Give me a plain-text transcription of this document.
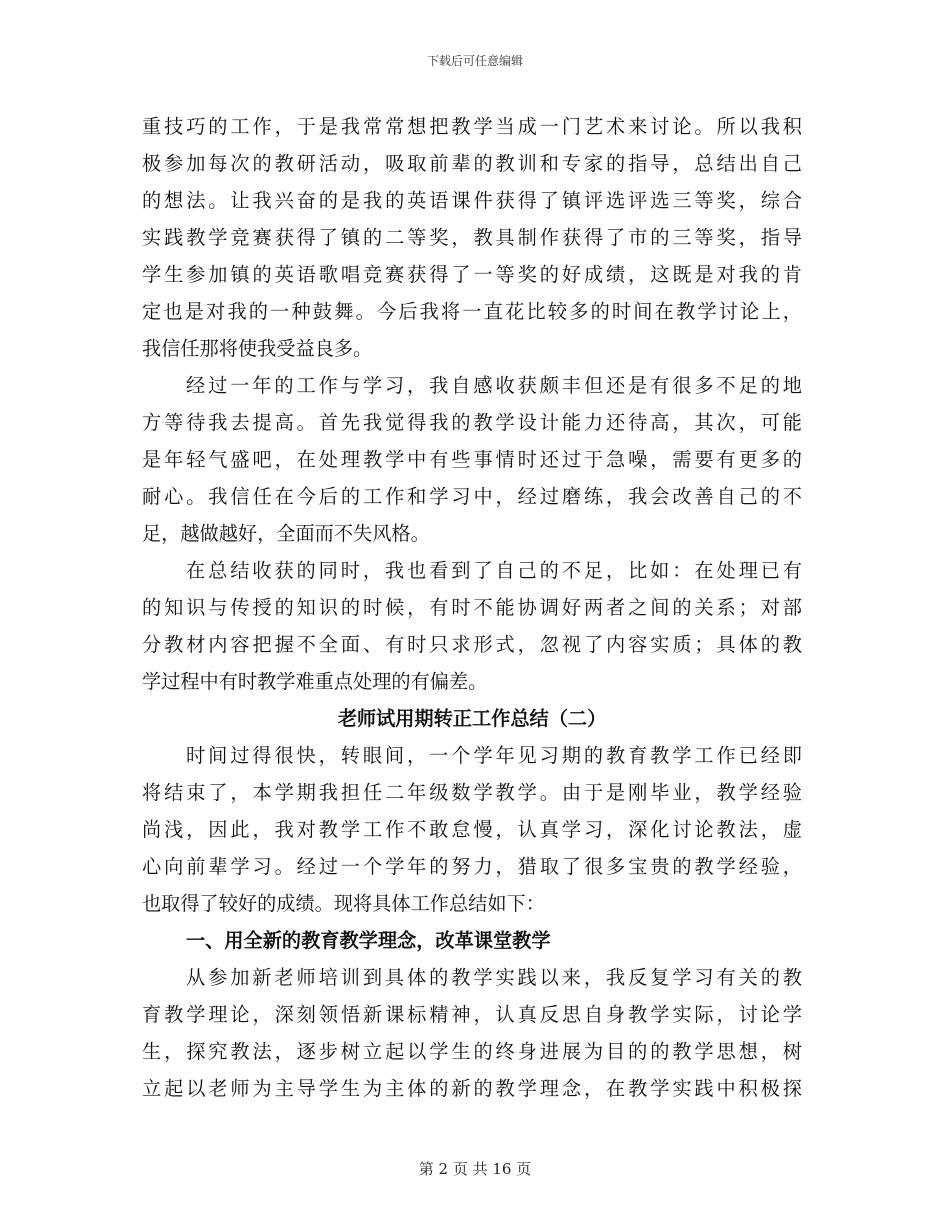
下载后可任意编辑
重技巧的工作，于是我常常想把教学当成一门艺术来讨论。所以我积
极参加每次的教研活动，吸取前辈的教训和专家的指导，总结出自己
的想法。让我兴奋的是我的英语课件获得了镇评选评选三等奖，综合
实践教学竞赛获得了镇的二等奖，教具制作获得了市的三等奖，指导
学生参加镇的英语歌唱竞赛获得了一等奖的好成绩，这既是对我的肯
定也是对我的一种鼓舞。今后我将一直花比较多的时间在教学讨论上，
我信任那将使我受益良多。
经过一年的工作与学习，我自感收获颇丰但还是有很多不足的地
方等待我去提高。首先我觉得我的教学设计能力还待高，其次，可能
是年轻气盛吧，在处理教学中有些事情时还过于急噪，需要有更多的
耐心。我信任在今后的工作和学习中，经过磨练，我会改善自己的不
足，越做越好，全面而不失风格。
在总结收获的同时，我也看到了自己的不足，比如：在处理已有
的知识与传授的知识的时候，有时不能协调好两者之间的关系；对部
分教材内容把握不全面、有时只求形式，忽视了内容实质；具体的教
学过程中有时教学难重点处理的有偏差。
老师试用期转正工作总结（二）
时间过得很快，转眼间，一个学年见习期的教育教学工作已经即
将结束了，本学期我担任二年级数学教学。由于是刚毕业，教学经验
尚浅，因此，我对教学工作不敢怠慢，认真学习，深化讨论教法，虚
心向前辈学习。经过一个学年的努力，猎取了很多宝贵的教学经验，
也取得了较好的成绩。现将具体工作总结如下：
一、用全新的教育教学理念，改革课堂教学
从参加新老师培训到具体的教学实践以来，我反复学习有关的教
育教学理论，深刻领悟新课标精神，认真反思自身教学实际，讨论学
生，探究教法，逐步树立起以学生的终身进展为目的的教学思想，树
立起以老师为主导学生为主体的新的教学理念，在教学实践中积极探
第 2 页 共 16 页
